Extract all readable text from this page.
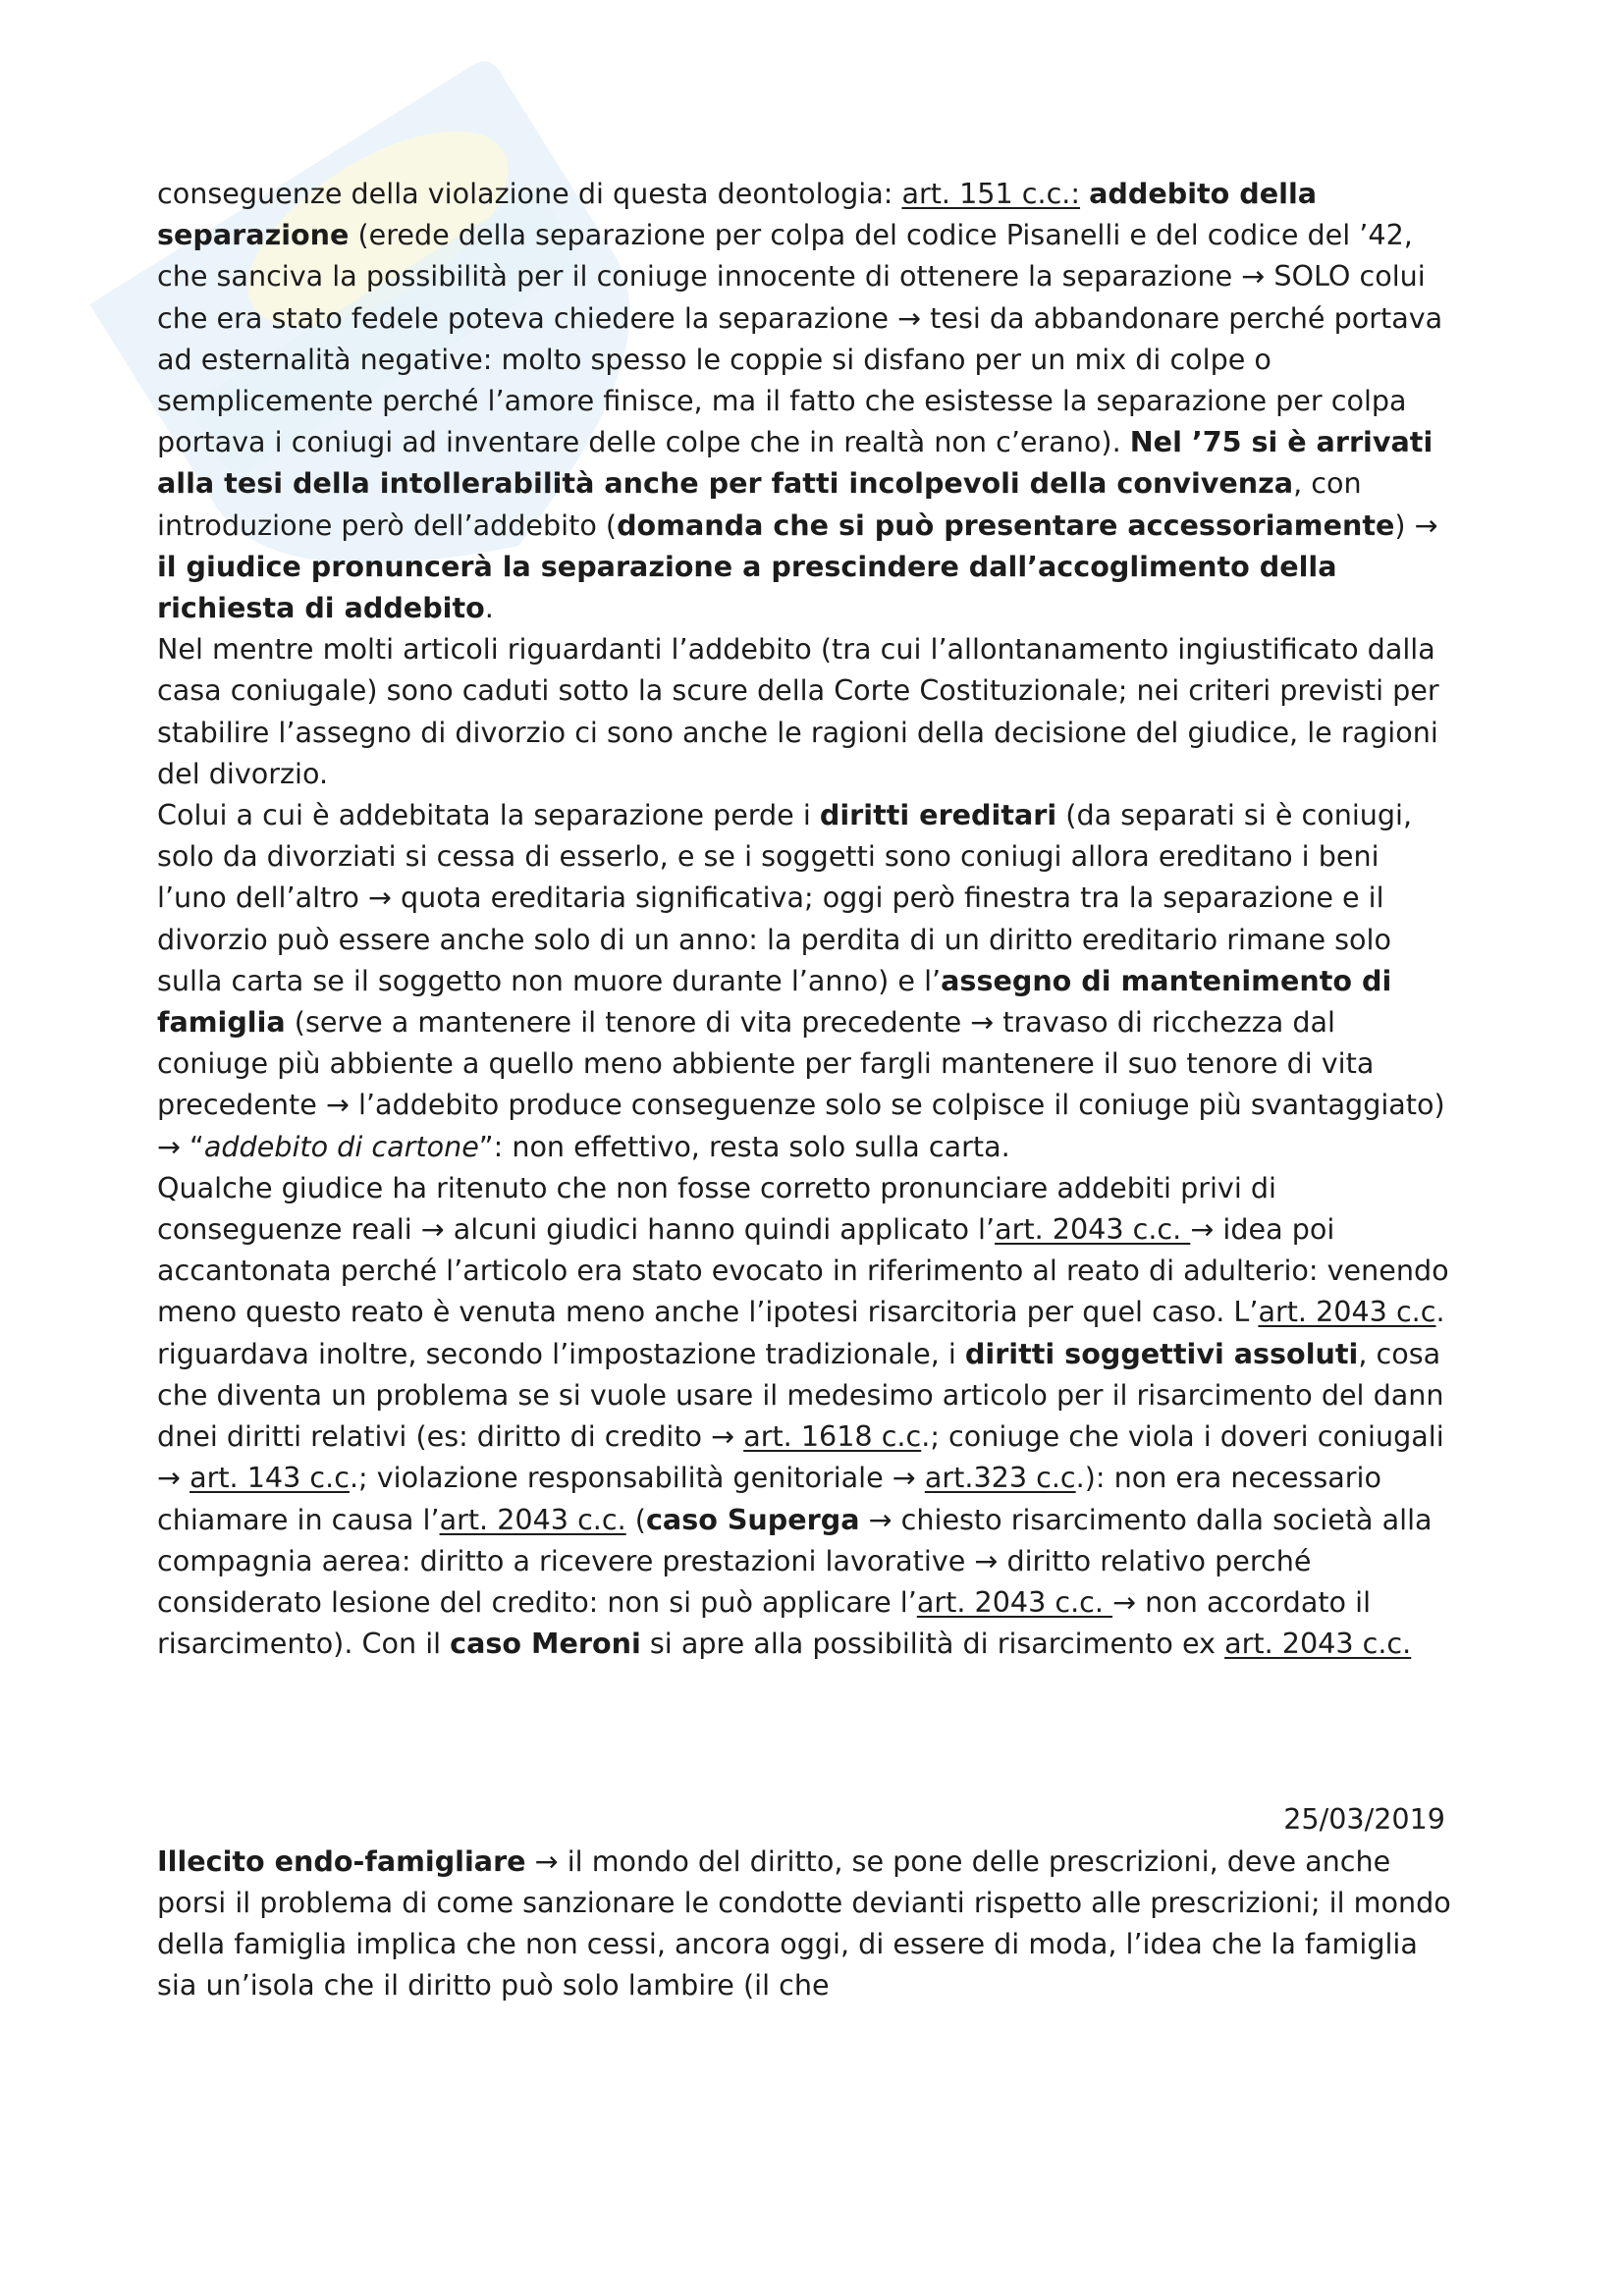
conseguenze della violazione di questa deontologia: art. 151 c.c.: addebito della separazione (erede della separazione per colpa del codice Pisanelli e del codice del ’42, che sanciva la possibilità per il coniuge innocente di ottenere la separazione → SOLO colui che era stato fedele poteva chiedere la separazione → tesi da abbandonare perché portava ad esternalità negative: molto spesso le coppie si disfano per un mix di colpe o semplicemente perché l’amore finisce, ma il fatto che esistesse la separazione per colpa portava i coniugi ad inventare delle colpe che in realtà non c’erano). Nel ’75 si è arrivati alla tesi della intollerabilità anche per fatti incolpevoli della convivenza, con introduzione però dell’addebito (domanda che si può presentare accessoriamente) → il giudice pronuncerà la separazione a prescindere dall’accoglimento della richiesta di addebito.

Nel mentre molti articoli riguardanti l’addebito (tra cui l’allontanamento ingiustificato dalla casa coniugale) sono caduti sotto la scure della Corte Costituzionale; nei criteri previsti per stabilire l’assegno di divorzio ci sono anche le ragioni della decisione del giudice, le ragioni del divorzio.

Colui a cui è addebitata la separazione perde i diritti ereditari (da separati si è coniugi, solo da divorziati si cessa di esserlo, e se i soggetti sono coniugi allora ereditano i beni l’uno dell’altro → quota ereditaria significativa; oggi però finestra tra la separazione e il divorzio può essere anche solo di un anno: la perdita di un diritto ereditario rimane solo sulla carta se il soggetto non muore durante l’anno) e l’assegno di mantenimento di famiglia (serve a mantenere il tenore di vita precedente → travaso di ricchezza dal coniuge più abbiente a quello meno abbiente per fargli mantenere il suo tenore di vita precedente → l’addebito produce conseguenze solo se colpisce il coniuge più svantaggiato) → “addebito di cartone”: non effettivo, resta solo sulla carta.

Qualche giudice ha ritenuto che non fosse corretto pronunciare addebiti privi di conseguenze reali → alcuni giudici hanno quindi applicato l’art. 2043 c.c. → idea poi accantonata perché l’articolo era stato evocato in riferimento al reato di adulterio: venendo meno questo reato è venuta meno anche l’ipotesi risarcitoria per quel caso. L’art. 2043 c.c. riguardava inoltre, secondo l’impostazione tradizionale, i diritti soggettivi assoluti, cosa che diventa un problema se si vuole usare il medesimo articolo per il risarcimento del dann dnei diritti relativi (es: diritto di credito → art. 1618 c.c.; coniuge che viola i doveri coniugali → art. 143 c.c.; violazione responsabilità genitoriale → art.323 c.c.): non era necessario chiamare in causa l’art. 2043 c.c. (caso Superga → chiesto risarcimento dalla società alla compagnia aerea: diritto a ricevere prestazioni lavorative → diritto relativo perché considerato lesione del credito: non si può applicare l’art. 2043 c.c. → non accordato il risarcimento). Con il caso Meroni si apre alla possibilità di risarcimento ex art. 2043 c.c.

25/03/2019

Illecito endo-famigliare → il mondo del diritto, se pone delle prescrizioni, deve anche porsi il problema di come sanzionare le condotte devianti rispetto alle prescrizioni; il mondo della famiglia implica che non cessi, ancora oggi, di essere di moda, l’idea che la famiglia sia un’isola che il diritto può solo lambire (il che
